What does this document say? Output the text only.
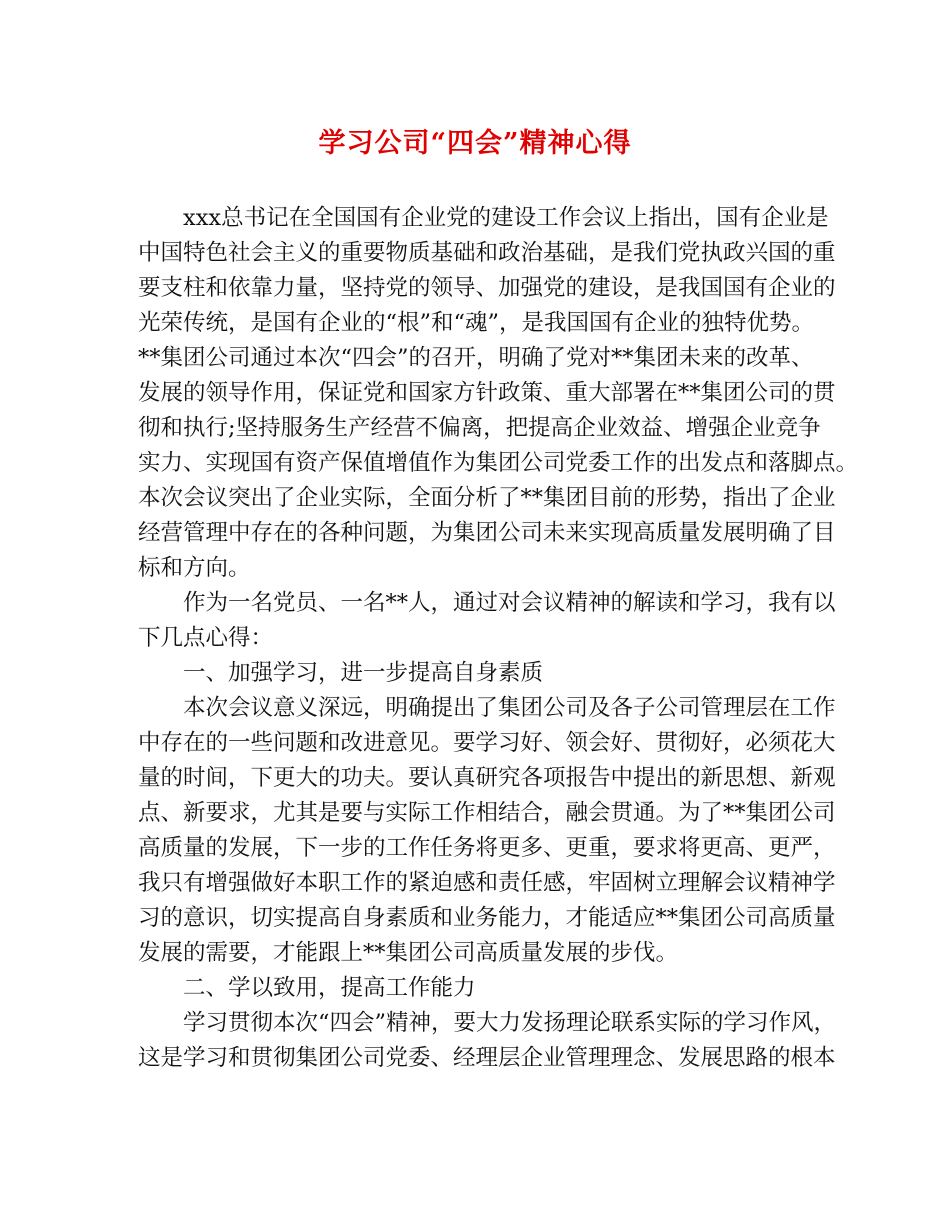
学习公司“四会”精神心得
xxx总书记在全国国有企业党的建设工作会议上指出，国有企业是
中国特色社会主义的重要物质基础和政治基础，是我们党执政兴国的重
要支柱和依靠力量，坚持党的领导、加强党的建设，是我国国有企业的
光荣传统，是国有企业的“根”和“魂”，是我国国有企业的独特优势。
**集团公司通过本次“四会”的召开，明确了党对**集团未来的改革、
发展的领导作用，保证党和国家方针政策、重大部署在**集团公司的贯
彻和执行;坚持服务生产经营不偏离，把提高企业效益、增强企业竞争
实力、实现国有资产保值增值作为集团公司党委工作的出发点和落脚点。
本次会议突出了企业实际，全面分析了**集团目前的形势，指出了企业
经营管理中存在的各种问题，为集团公司未来实现高质量发展明确了目
标和方向。
作为一名党员、一名**人，通过对会议精神的解读和学习，我有以
下几点心得：
一、加强学习，进一步提高自身素质
本次会议意义深远，明确提出了集团公司及各子公司管理层在工作
中存在的一些问题和改进意见。要学习好、领会好、贯彻好，必须花大
量的时间，下更大的功夫。要认真研究各项报告中提出的新思想、新观
点、新要求，尤其是要与实际工作相结合，融会贯通。为了**集团公司
高质量的发展，下一步的工作任务将更多、更重，要求将更高、更严，
我只有增强做好本职工作的紧迫感和责任感，牢固树立理解会议精神学
习的意识，切实提高自身素质和业务能力，才能适应**集团公司高质量
发展的需要，才能跟上**集团公司高质量发展的步伐。
二、学以致用，提高工作能力
学习贯彻本次“四会”精神，要大力发扬理论联系实际的学习作风，
这是学习和贯彻集团公司党委、经理层企业管理理念、发展思路的根本
